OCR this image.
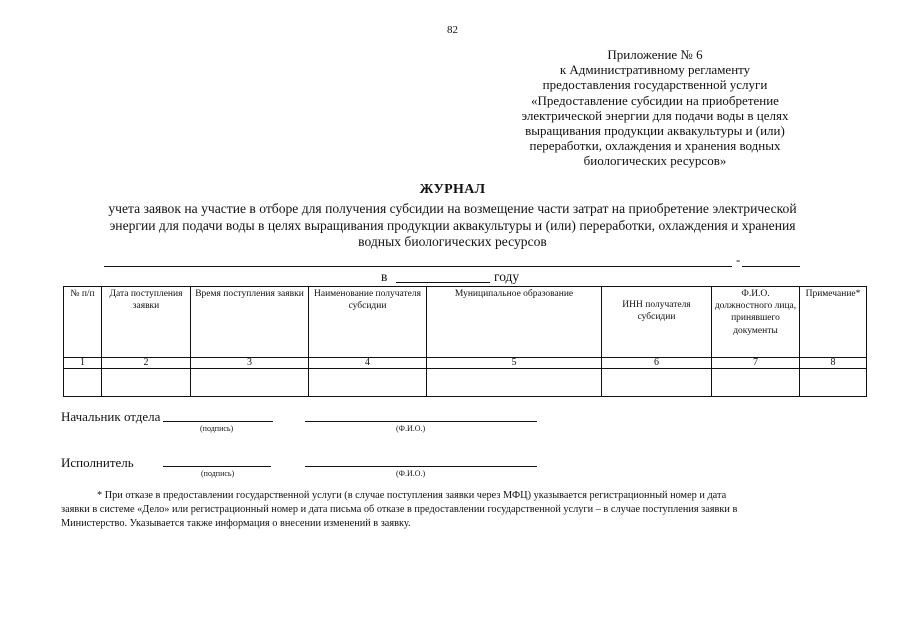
82
Приложение № 6
к Административному регламенту
предоставления государственной услуги
«Предоставление субсидии на приобретение
электрической энергии для подачи воды в целях
выращивания продукции аквакультуры и (или)
переработки, охлаждения и хранения водных
биологических ресурсов»
ЖУРНАЛ
учета заявок на участие в отборе для получения субсидии на возмещение части затрат на приобретение электрической
энергии для подачи воды в целях выращивания продукции аквакультуры и (или) переработки, охлаждения и хранения
водных биологических ресурсов
-
в	году
№ п/п	Дата поступления заявки	Время поступления заявки	Наименование получателя субсидии	Муниципальное образование	ИНН получателя субсидии	Ф.И.О. должностного лица, принявшего документы	Примечание*
1	2	3	4	5	6	7	8

Начальник отдела
(подпись)	(Ф.И.О.)
Исполнитель
(подпись)	(Ф.И.О.)
* При отказе в предоставлении государственной услуги (в случае поступления заявки через МФЦ) указывается регистрационный номер и дата
заявки в системе «Дело» или регистрационный номер и дата письма об отказе в предоставлении государственной услуги – в случае поступления заявки в
Министерство. Указывается также информация о внесении изменений в заявку.
